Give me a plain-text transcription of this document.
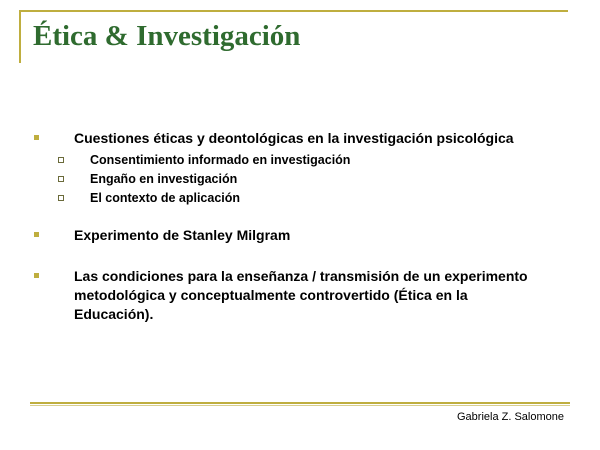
Ética & Investigación
Cuestiones éticas y deontológicas en la investigación psicológica
Consentimiento informado en investigación
Engaño en investigación
El contexto de aplicación
Experimento de Stanley Milgram
Las condiciones para la enseñanza / transmisión de un experimento metodológica y conceptualmente controvertido (Ética en la Educación).
Gabriela Z. Salomone
